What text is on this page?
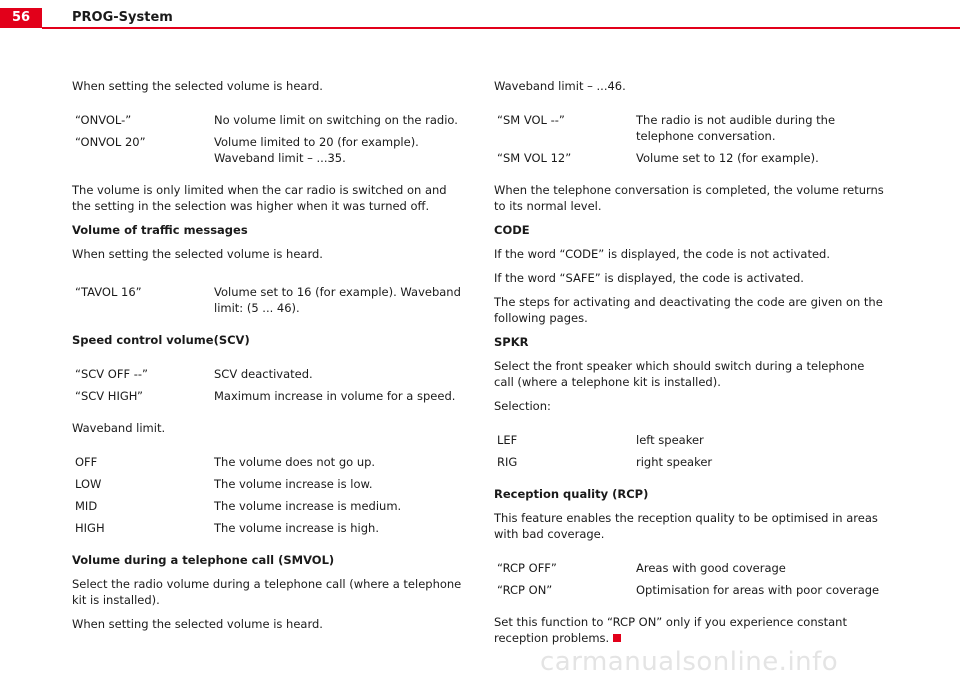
56	PROG-System

When setting the selected volume is heard.

“ONVOL-”	No volume limit on switching on the radio.
“ONVOL 20”	Volume limited to 20 (for example). Waveband limit – ...35.

The volume is only limited when the car radio is switched on and the setting in the selection was higher when it was turned off.

Volume of traffic messages

When setting the selected volume is heard.

“TAVOL 16”	Volume set to 16 (for example). Waveband limit: (5 ... 46).

Speed control volume(SCV)

“SCV OFF --”	SCV deactivated.
“SCV HIGH”	Maximum increase in volume for a speed.

Waveband limit.

OFF	The volume does not go up.
LOW	The volume increase is low.
MID	The volume increase is medium.
HIGH	The volume increase is high.

Volume during a telephone call (SMVOL)

Select the radio volume during a telephone call (where a telephone kit is installed).

When setting the selected volume is heard.

Waveband limit – ...46.

“SM VOL --”	The radio is not audible during the telephone conversation.
“SM VOL 12”	Volume set to 12 (for example).

When the telephone conversation is completed, the volume returns to its normal level.

CODE

If the word “CODE” is displayed, the code is not activated.

If the word “SAFE” is displayed, the code is activated.

The steps for activating and deactivating the code are given on the following pages.

SPKR

Select the front speaker which should switch during a telephone call (where a telephone kit is installed).

Selection:

LEF	left speaker
RIG	right speaker

Reception quality (RCP)

This feature enables the reception quality to be optimised in areas with bad coverage.

“RCP OFF”	Areas with good coverage
“RCP ON”	Optimisation for areas with poor coverage

Set this function to “RCP ON” only if you experience constant reception problems.

carmanualsonline.info
